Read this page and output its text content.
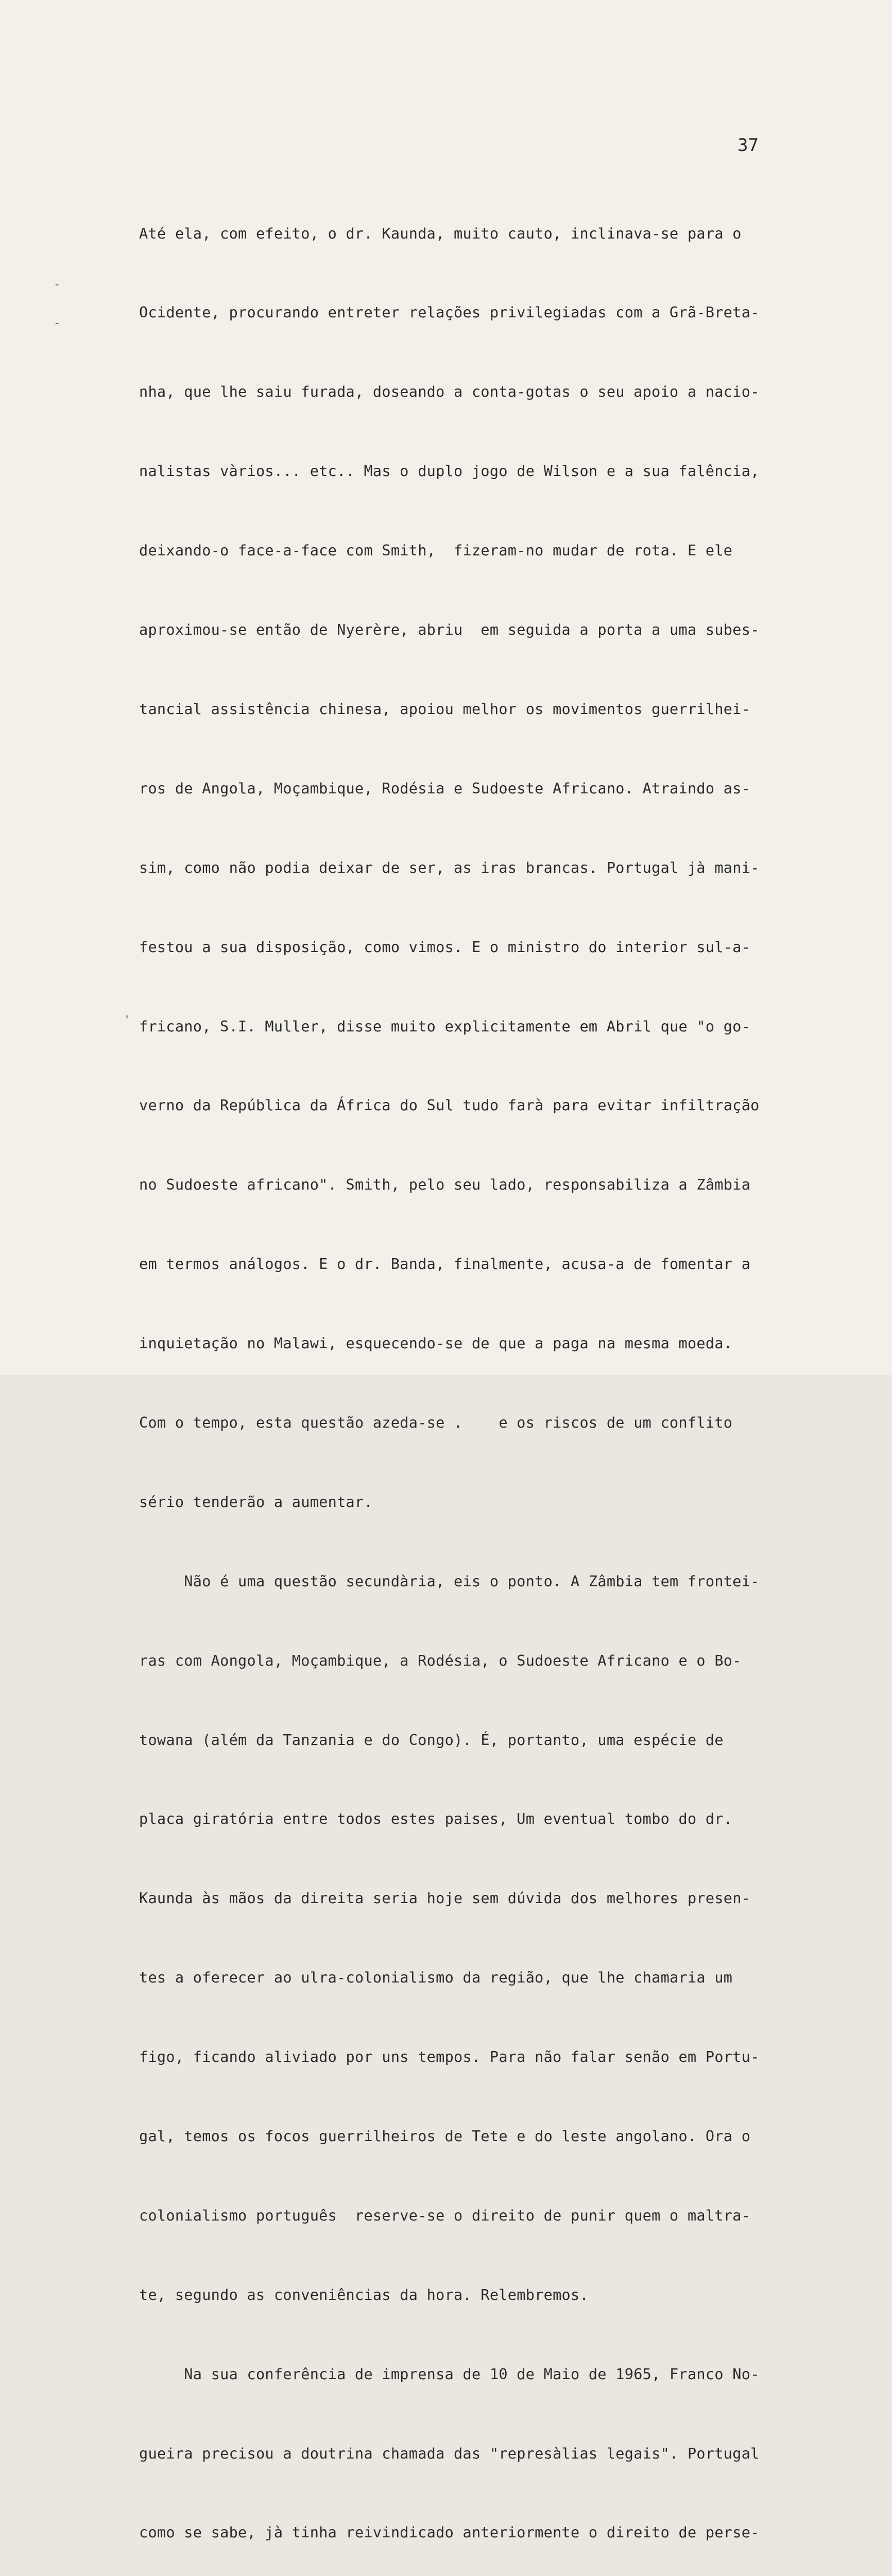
37
-
-
'

Até ela, com efeito, o dr. Kaunda, muito cauto, inclinava-se para o

Ocidente, procurando entreter relações privilegiadas com a Grã-Breta-

nha, que lhe saiu furada, doseando a conta-gotas o seu apoio a nacio-

nalistas vàrios... etc.. Mas o duplo jogo de Wilson e a sua falência,

deixando-o face-a-face com Smith,  fizeram-no mudar de rota. E ele

aproximou-se então de Nyerère, abriu  em seguida a porta a uma subes-

tancial assistência chinesa, apoiou melhor os movimentos guerrilhei-

ros de Angola, Moçambique, Rodésia e Sudoeste Africano. Atraindo as-

sim, como não podia deixar de ser, as iras brancas. Portugal jà mani-

festou a sua disposição, como vimos. E o ministro do interior sul-a-

fricano, S.I. Muller, disse muito explicitamente em Abril que "o go-

verno da República da África do Sul tudo farà para evitar infiltração

no Sudoeste africano". Smith, pelo seu lado, responsabiliza a Zâmbia

em termos análogos. E o dr. Banda, finalmente, acusa-a de fomentar a

inquietação no Malawi, esquecendo-se de que a paga na mesma moeda.

Com o tempo, esta questão azeda-se .    e os riscos de um conflito

sério tenderão a aumentar.

Não é uma questão secundària, eis o ponto. A Zâmbia tem frontei-

ras com Aongola, Moçambique, a Rodésia, o Sudoeste Africano e o Bo-

towana (além da Tanzania e do Congo). É, portanto, uma espécie de

placa giratória entre todos estes paises, Um eventual tombo do dr.

Kaunda às mãos da direita seria hoje sem dúvida dos melhores presen-

tes a oferecer ao ulra-colonialismo da região, que lhe chamaria um

figo, ficando aliviado por uns tempos. Para não falar senão em Portu-

gal, temos os focos guerrilheiros de Tete e do leste angolano. Ora o

colonialismo português  reserve-se o direito de punir quem o maltra-

te, segundo as conveniências da hora. Relembremos.

Na sua conferência de imprensa de 10 de Maio de 1965, Franco No-

gueira precisou a doutrina chamada das "represàlias legais". Portugal

como se sabe, jà tinha reivindicado anteriormente o direito de perse-
